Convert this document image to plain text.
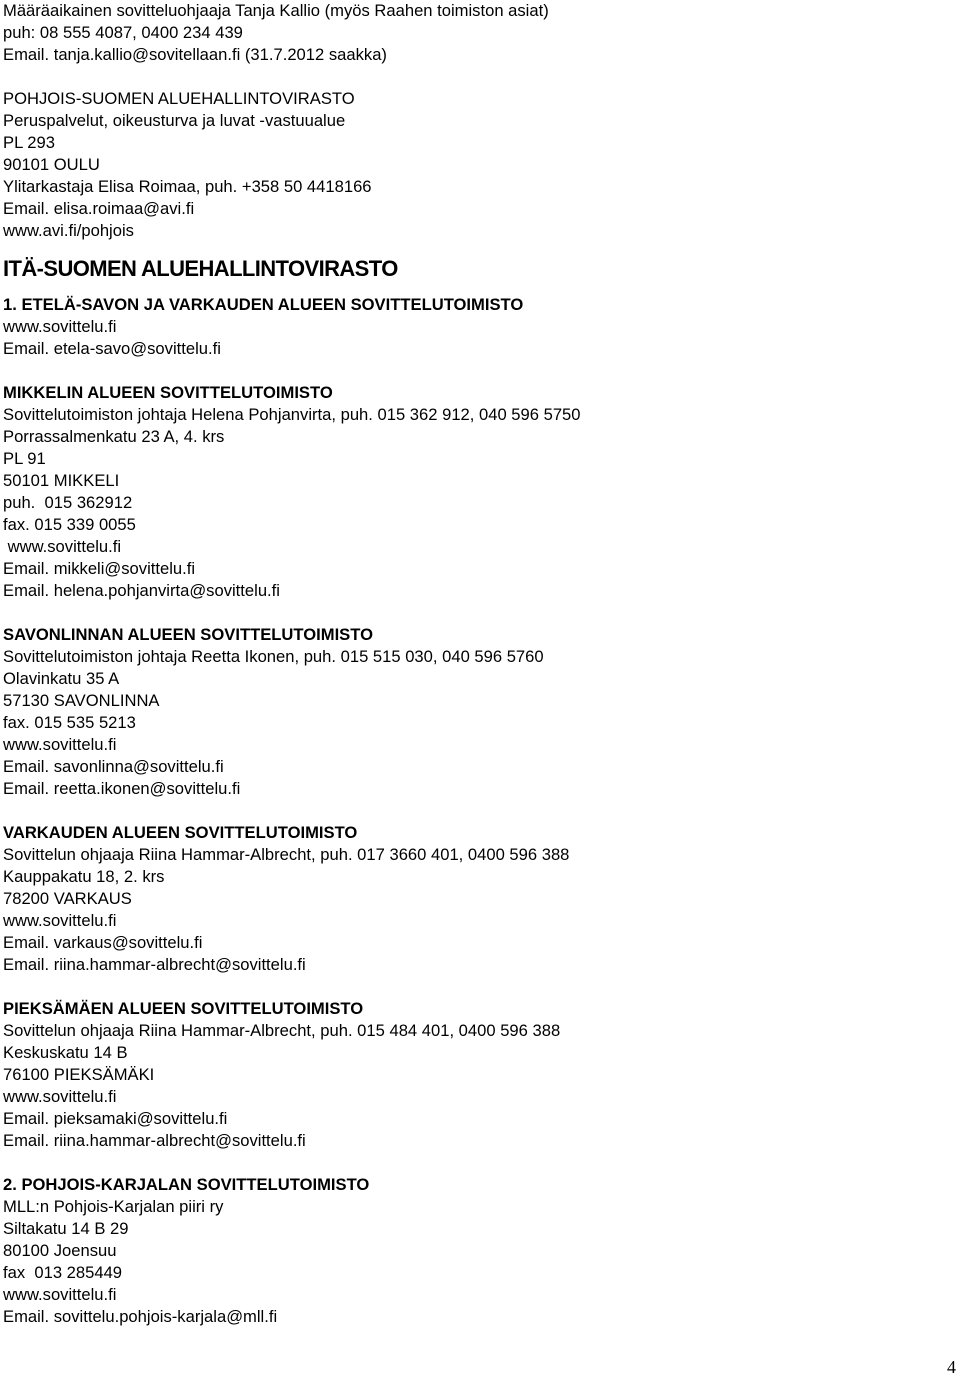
Määräaikainen sovitteluohjaaja Tanja Kallio (myös Raahen toimiston asiat)

puh: 08 555 4087, 0400 234 439

Email. tanja.kallio@sovitellaan.fi (31.7.2012 saakka)

POHJOIS-SUOMEN ALUEHALLINTOVIRASTO

Peruspalvelut, oikeusturva ja luvat -vastuualue

PL 293

90101 OULU

Ylitarkastaja Elisa Roimaa, puh. +358 50 4418166

Email. elisa.roimaa@avi.fi

www.avi.fi/pohjois

ITÄ-SUOMEN ALUEHALLINTOVIRASTO

1. ETELÄ-SAVON JA VARKAUDEN ALUEEN SOVITTELUTOIMISTO

www.sovittelu.fi

Email. etela-savo@sovittelu.fi

MIKKELIN ALUEEN SOVITTELUTOIMISTO

Sovittelutoimiston johtaja Helena Pohjanvirta, puh. 015 362 912, 040 596 5750

Porrassalmenkatu 23 A, 4. krs

PL 91

50101 MIKKELI

puh.  015 362912

fax. 015 339 0055

www.sovittelu.fi

Email. mikkeli@sovittelu.fi

Email. helena.pohjanvirta@sovittelu.fi

SAVONLINNAN ALUEEN SOVITTELUTOIMISTO

Sovittelutoimiston johtaja Reetta Ikonen, puh. 015 515 030, 040 596 5760

Olavinkatu 35 A

57130 SAVONLINNA

fax. 015 535 5213

www.sovittelu.fi

Email. savonlinna@sovittelu.fi

Email. reetta.ikonen@sovittelu.fi

VARKAUDEN ALUEEN SOVITTELUTOIMISTO

Sovittelun ohjaaja Riina Hammar-Albrecht, puh. 017 3660 401, 0400 596 388

Kauppakatu 18, 2. krs

78200 VARKAUS

www.sovittelu.fi

Email. varkaus@sovittelu.fi

Email. riina.hammar-albrecht@sovittelu.fi

PIEKSÄMÄEN ALUEEN SOVITTELUTOIMISTO

Sovittelun ohjaaja Riina Hammar-Albrecht, puh. 015 484 401, 0400 596 388

Keskuskatu 14 B

76100 PIEKSÄMÄKI

www.sovittelu.fi

Email. pieksamaki@sovittelu.fi

Email. riina.hammar-albrecht@sovittelu.fi

2. POHJOIS-KARJALAN SOVITTELUTOIMISTO

MLL:n Pohjois-Karjalan piiri ry

Siltakatu 14 B 29

80100 Joensuu

fax  013 285449

www.sovittelu.fi

Email. sovittelu.pohjois-karjala@mll.fi

4
